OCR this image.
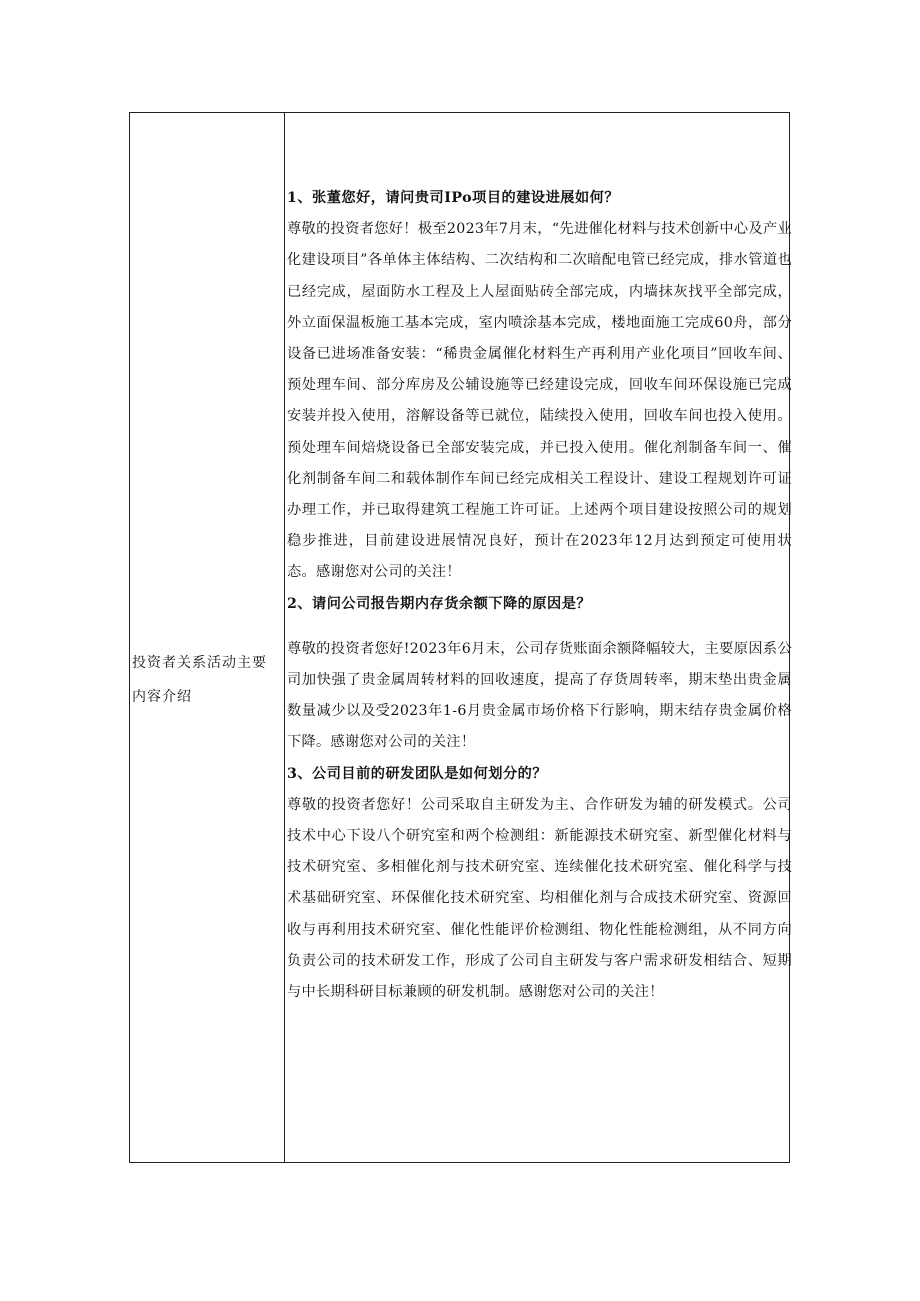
投资者关系活动主要内容介绍
1、张董您好，请问贵司IPo项目的建设进展如何？
尊敬的投资者您好！极至2023年7月末，“先进催化材料与技术创新中心及产业化建设项目”各单体主体结构、二次结构和二次暗配电管已经完成，排水管道也已经完成，屋面防水工程及上人屋面贴砖全部完成，内墙抹灰找平全部完成，外立面保温板施工基本完成，室内喷涂基本完成，楼地面施工完成60舟，部分设备已进场准备安装：“稀贵金属催化材料生产再利用产业化项目”回收车间、预处理车间、部分库房及公辅设施等已经建设完成，回收车间环保设施已完成安装并投入使用，溶解设备等已就位，陆续投入使用，回收车间也投入使用。预处理车间焙烧设备已全部安装完成，并已投入使用。催化剂制备车间一、催化剂制备车间二和载体制作车间已经完成相关工程设计、建设工程规划许可证办理工作，并已取得建筑工程施工许可证。上述两个项目建设按照公司的规划稳步推进，目前建设进展情况良好，预计在2023年12月达到预定可使用状态。感谢您对公司的关注！
2、请问公司报告期内存货余额下降的原因是？
尊敬的投资者您好!2023年6月末，公司存货账面余额降幅较大，主要原因系公司加快强了贵金属周转材料的回收速度，提高了存货周转率，期末垫出贵金属数量减少以及受2023年1-6月贵金属市场价格下行影响，期末结存贵金属价格下降。感谢您对公司的关注！
3、公司目前的研发团队是如何划分的？
尊敬的投资者您好！公司采取自主研发为主、合作研发为辅的研发模式。公司技术中心下设八个研究室和两个检测组：新能源技术研究室、新型催化材料与技术研究室、多相催化剂与技术研究室、连续催化技术研究室、催化科学与技术基础研究室、环保催化技术研究室、均相催化剂与合成技术研究室、资源回收与再利用技术研究室、催化性能评价检测组、物化性能检测组，从不同方向负责公司的技术研发工作，形成了公司自主研发与客户需求研发相结合、短期与中长期科研目标兼顾的研发机制。感谢您对公司的关注！
